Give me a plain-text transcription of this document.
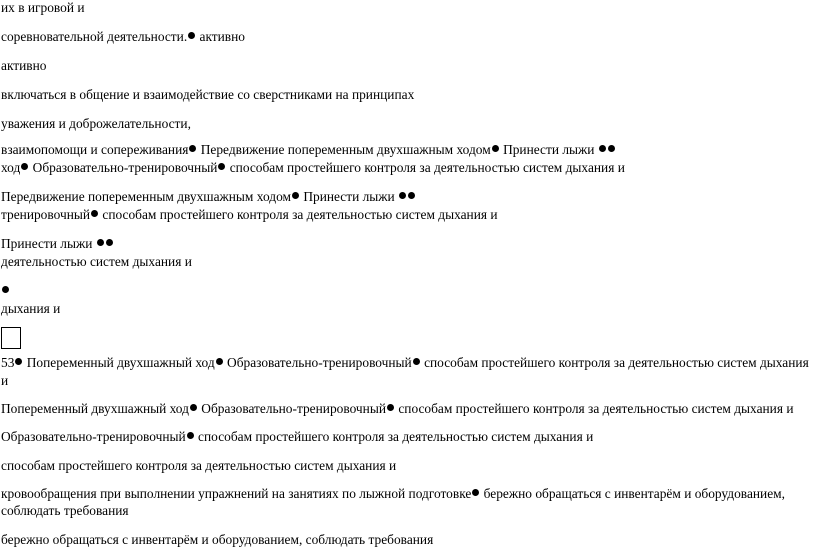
их в игровой и
соревновательной деятельности. активно
активно
включаться в общение и взаимодействие со сверстниками на принципах
уважения и доброжелательности,
взаимопомощи и сопереживания Передвижение попеременным двухшажным ходом Принести лыжи
ход Образовательно-тренировочный способам простейшего контроля за деятельностью систем дыхания и
Передвижение попеременным двухшажным ходом Принести лыжи
тренировочный способам простейшего контроля за деятельностью систем дыхания и
Принести лыжи
деятельностью систем дыхания и
дыхания и
53 Попеременный двухшажный ход Образовательно-тренировочный способам простейшего контроля за деятельностью систем дыхания
и
Попеременный двухшажный ход Образовательно-тренировочный способам простейшего контроля за деятельностью систем дыхания и
Образовательно-тренировочный способам простейшего контроля за деятельностью систем дыхания и
способам простейшего контроля за деятельностью систем дыхания и
кровообращения при выполнении упражнений на занятиях по лыжной подготовке бережно обращаться с инвентарём и оборудованием,
соблюдать требования
бережно обращаться с инвентарём и оборудованием, соблюдать требования
